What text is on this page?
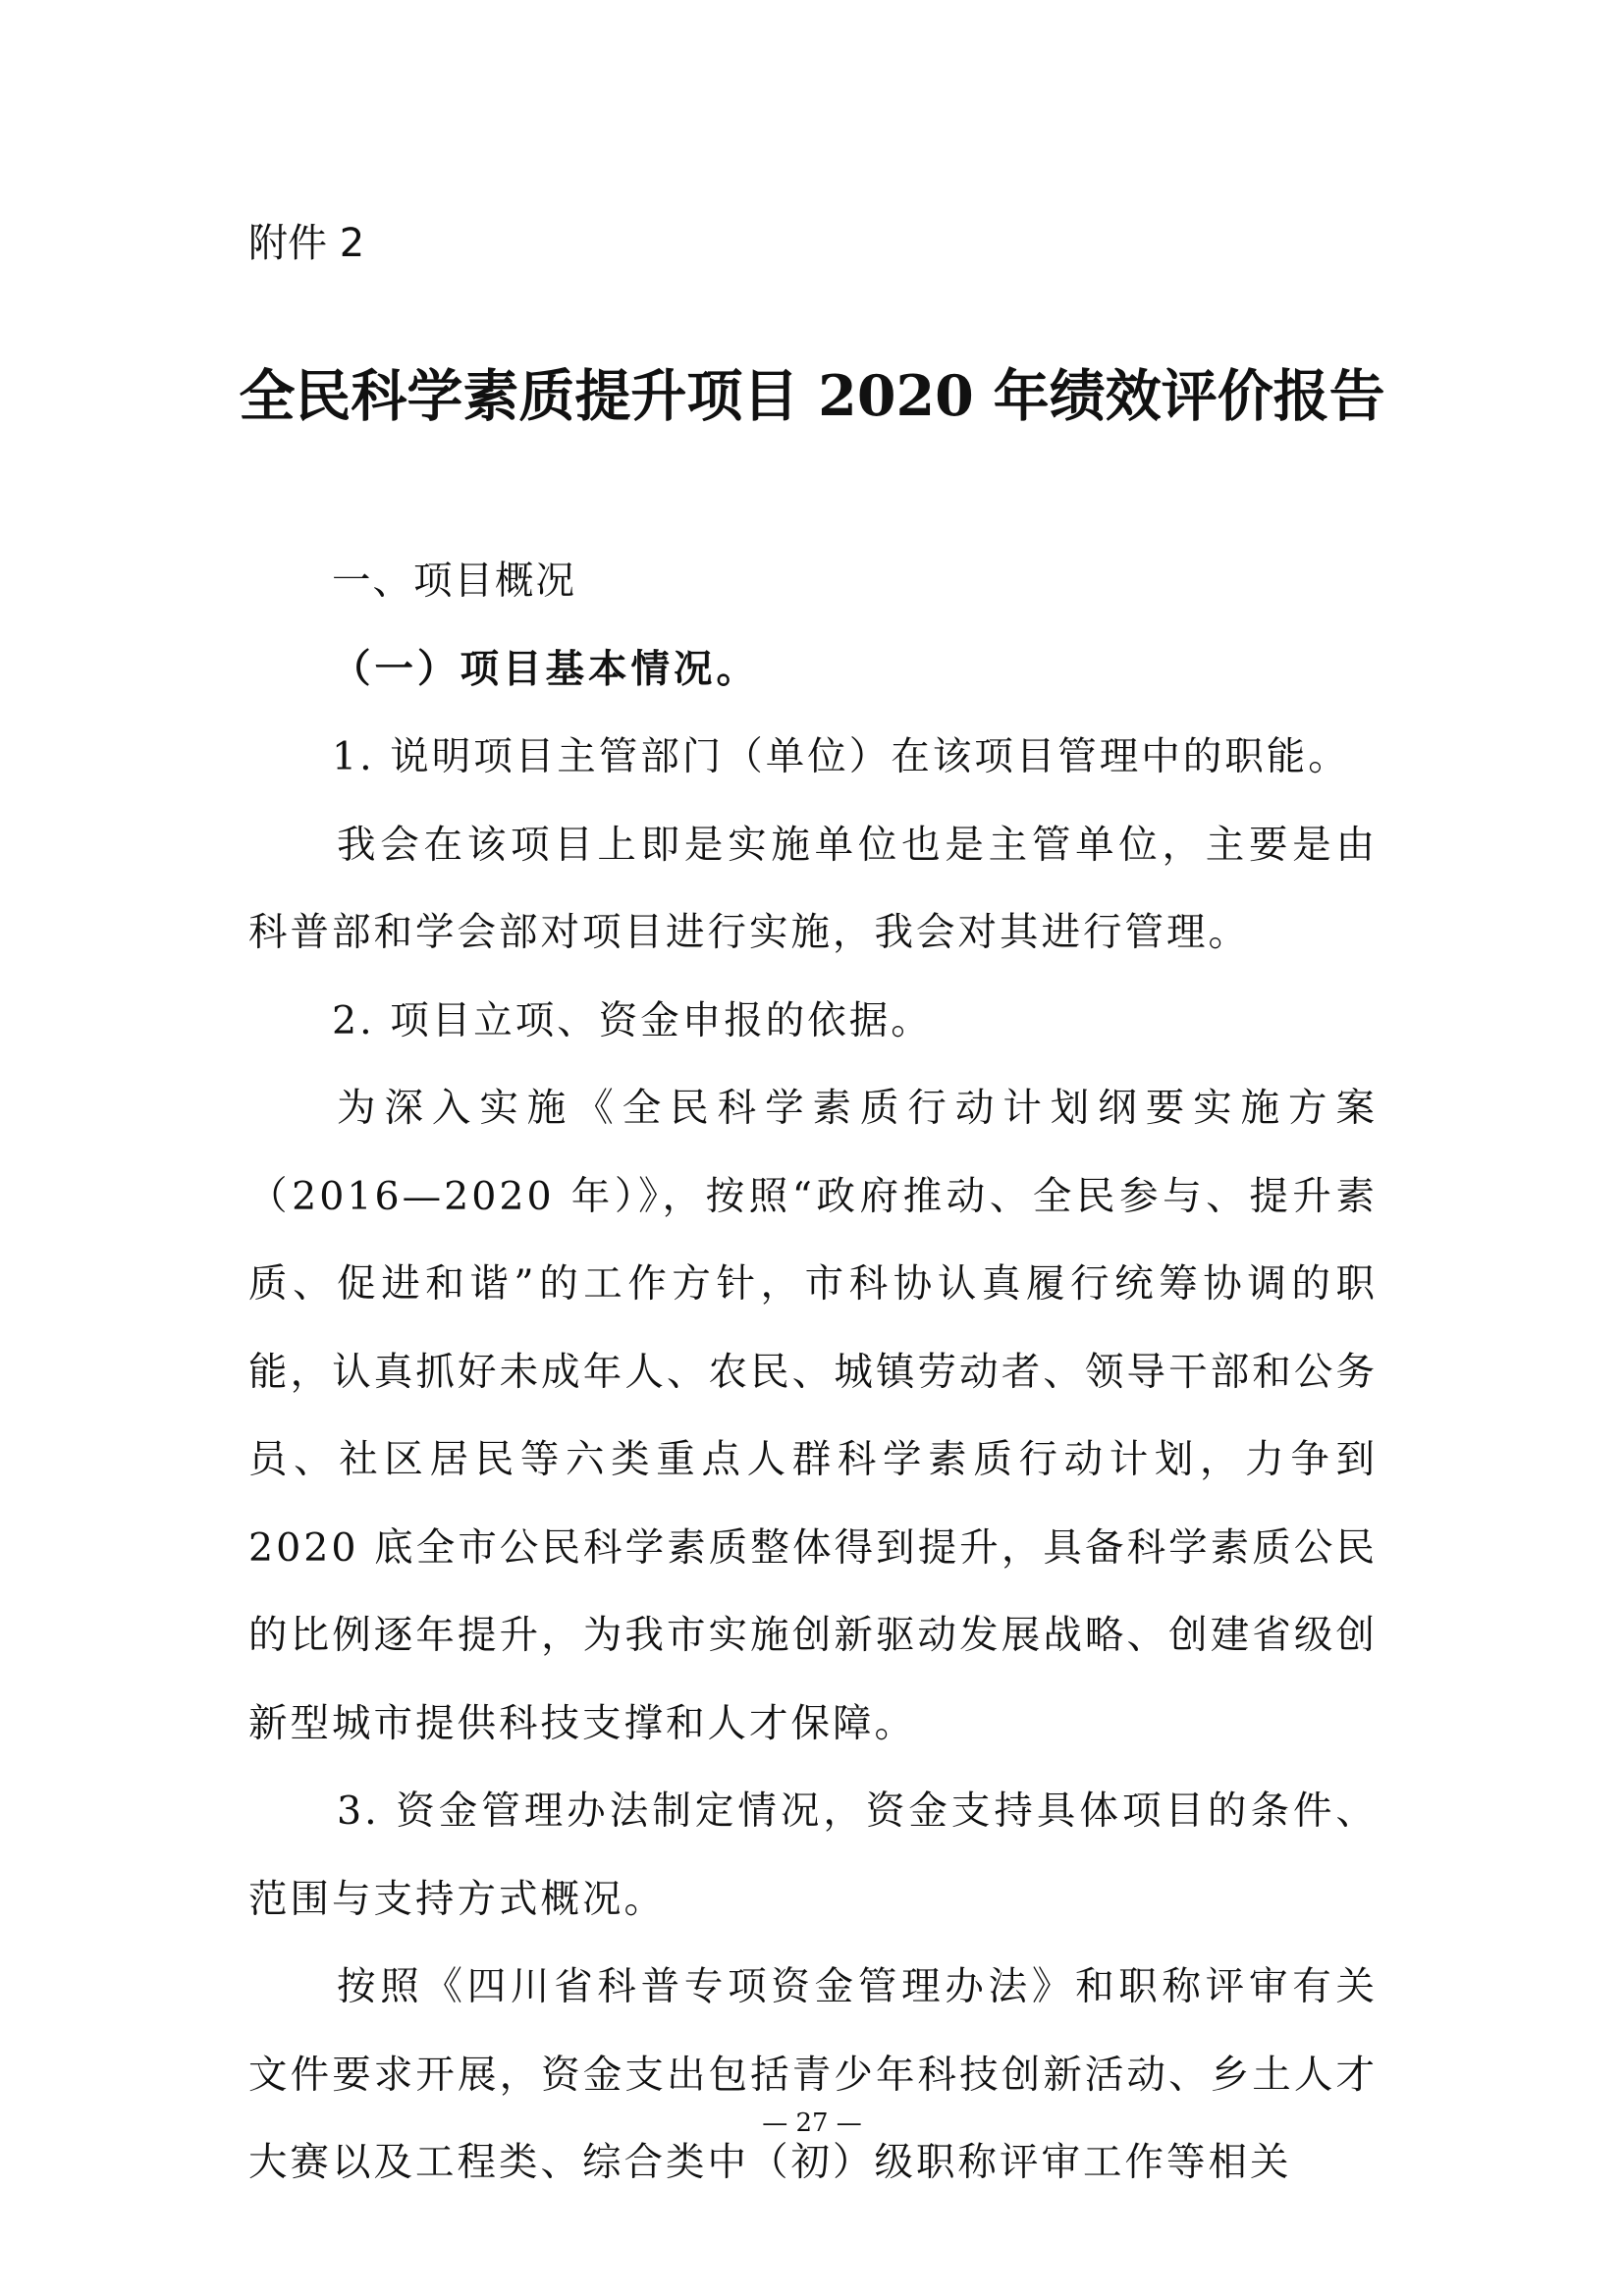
附件 2

全民科学素质提升项目 2020 年绩效评价报告

一、项目概况

（一）项目基本情况。

1. 说明项目主管部门（单位）在该项目管理中的职能。

我会在该项目上即是实施单位也是主管单位，主要是由科普部和学会部对项目进行实施，我会对其进行管理。

2. 项目立项、资金申报的依据。

为深入实施《全民科学素质行动计划纲要实施方案（2016—2020 年）》，按照“政府推动、全民参与、提升素质、促进和谐”的工作方针，市科协认真履行统筹协调的职能，认真抓好未成年人、农民、城镇劳动者、领导干部和公务员、社区居民等六类重点人群科学素质行动计划，力争到 2020 底全市公民科学素质整体得到提升，具备科学素质公民的比例逐年提升，为我市实施创新驱动发展战略、创建省级创新型城市提供科技支撑和人才保障。

3. 资金管理办法制定情况，资金支持具体项目的条件、范围与支持方式概况。

按照《四川省科普专项资金管理办法》和职称评审有关文件要求开展，资金支出包括青少年科技创新活动、乡土人才大赛以及工程类、综合类中（初）级职称评审工作等相关

— 27 —
